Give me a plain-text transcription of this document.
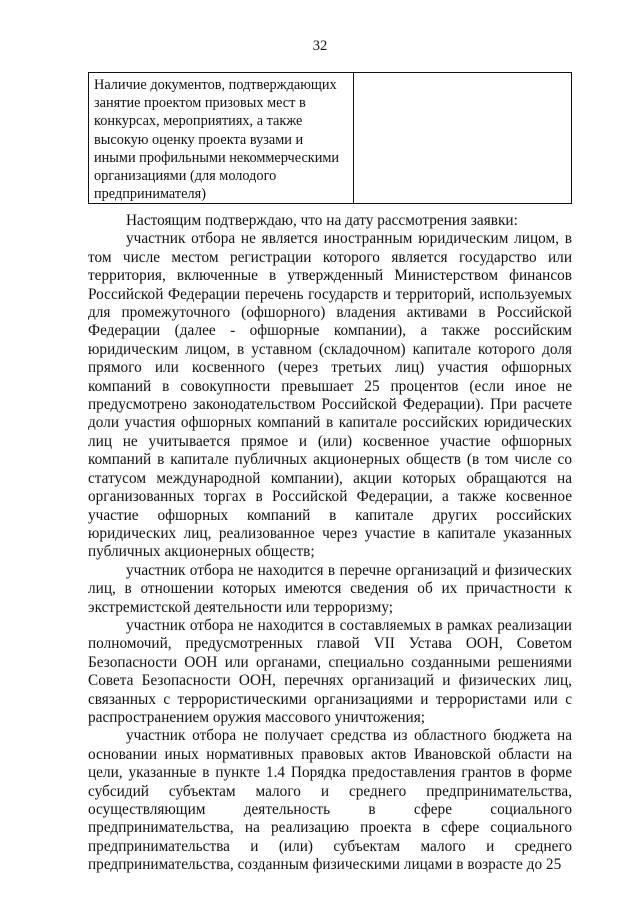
32
Наличие документов, подтверждающих занятие проектом призовых мест в конкурсах, мероприятиях, а также высокую оценку проекта вузами и иными профильными некоммерческими организациями (для молодого предпринимателя)	

Настоящим подтверждаю, что на дату рассмотрения заявки:

участник отбора не является иностранным юридическим лицом, в том числе местом регистрации которого является государство или территория, включенные в утвержденный Министерством финансов Российской Федерации перечень государств и территорий, используемых для промежуточного (офшорного) владения активами в Российской Федерации (далее - офшорные компании), а также российским юридическим лицом, в уставном (складочном) капитале которого доля прямого или косвенного (через третьих лиц) участия офшорных компаний в совокупности превышает 25 процентов (если иное не предусмотрено законодательством Российской Федерации). При расчете доли участия офшорных компаний в капитале российских юридических лиц не учитывается прямое и (или) косвенное участие офшорных компаний в капитале публичных акционерных обществ (в том числе со статусом международной компании), акции которых обращаются на организованных торгах в Российской Федерации, а также косвенное участие офшорных компаний в капитале других российских юридических лиц, реализованное через участие в капитале указанных публичных акционерных обществ;

участник отбора не находится в перечне организаций и физических лиц, в отношении которых имеются сведения об их причастности к экстремистской деятельности или терроризму;

участник отбора не находится в составляемых в рамках реализации полномочий, предусмотренных главой VII Устава ООН, Советом Безопасности ООН или органами, специально созданными решениями Совета Безопасности ООН, перечнях организаций и физических лиц, связанных с террористическими организациями и террористами или с распространением оружия массового уничтожения;

участник отбора не получает средства из областного бюджета на основании иных нормативных правовых актов Ивановской области на цели, указанные в пункте 1.4 Порядка предоставления грантов в форме субсидий субъектам малого и среднего предпринимательства, осуществляющим деятельность в сфере социального предпринимательства, на реализацию проекта в сфере социального предпринимательства и (или) субъектам малого и среднего предпринимательства, созданным физическими лицами в возрасте до 25
